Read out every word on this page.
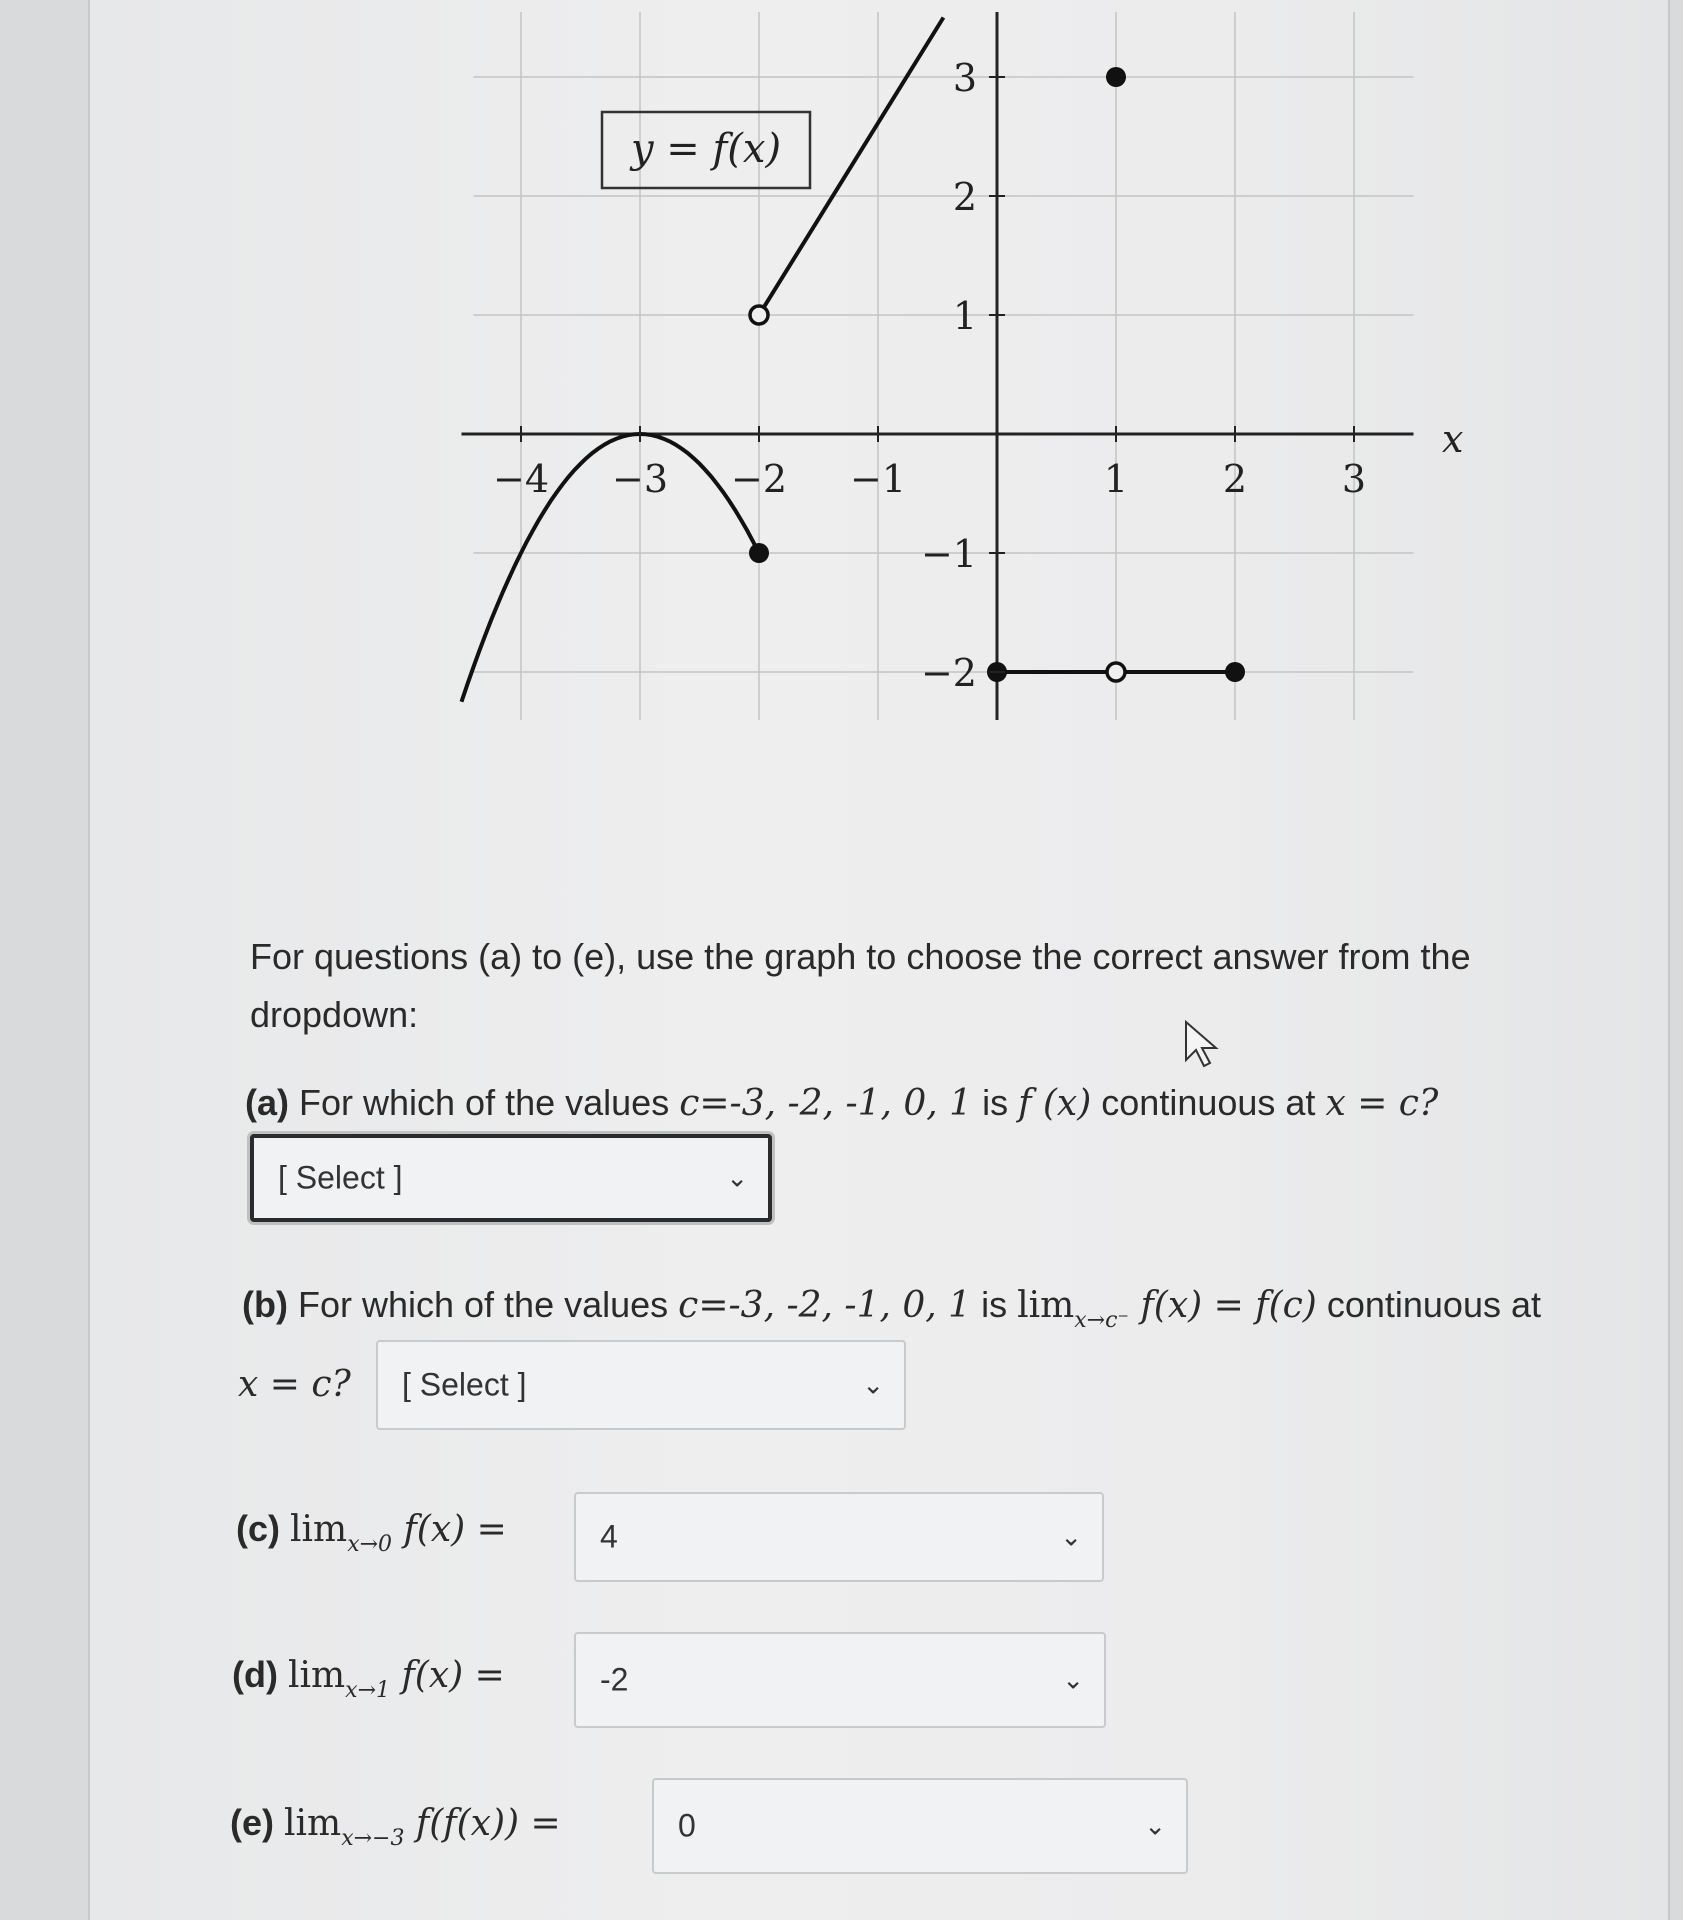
−4 −3 −2 −1	1 2 3
3
2
1
−1
−2
y = f(x)
x
For questions (a) to (e), use the graph to choose the correct answer from the dropdown:
(a) For which of the values c=-3, -2, -1, 0, 1 is f (x) continuous at x = c?
[ Select ]	⌄
(b) For which of the values c=-3, -2, -1, 0, 1 is $\lim_{x\to c^-} f(x) = f(c)$ continuous at
x = c? [ Select ]	⌄
(c) $\lim_{x\to 0} f(x)$ =	4	⌄
(d) $\lim_{x\to 1} f(x)$ =	-2	⌄
(e) $\lim_{x\to-3} f(f(x))$ =	0	⌄
